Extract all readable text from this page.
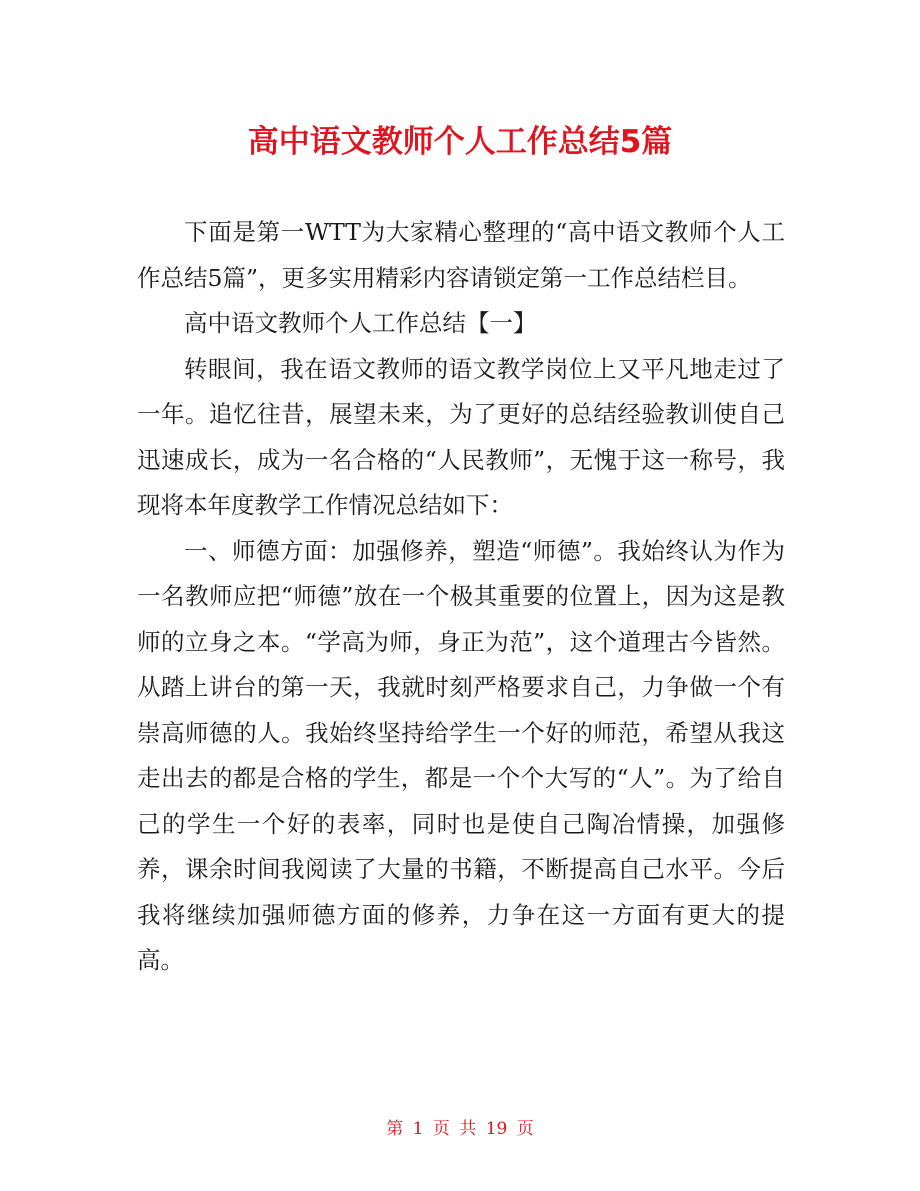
高中语文教师个人工作总结5篇

下面是第一WTT为大家精心整理的“高中语文教师个人工作总结5篇”，更多实用精彩内容请锁定第一工作总结栏目。

高中语文教师个人工作总结【一】

转眼间，我在语文教师的语文教学岗位上又平凡地走过了一年。追忆往昔，展望未来，为了更好的总结经验教训使自己迅速成长，成为一名合格的“人民教师”，无愧于这一称号，我现将本年度教学工作情况总结如下：

一、师德方面：加强修养，塑造“师德”。我始终认为作为一名教师应把“师德”放在一个极其重要的位置上，因为这是教师的立身之本。“学高为师，身正为范”，这个道理古今皆然。从踏上讲台的第一天，我就时刻严格要求自己，力争做一个有崇高师德的人。我始终坚持给学生一个好的师范，希望从我这走出去的都是合格的学生，都是一个个大写的“人”。为了给自己的学生一个好的表率，同时也是使自己陶冶情操，加强修养，课余时间我阅读了大量的书籍，不断提高自己水平。今后我将继续加强师德方面的修养，力争在这一方面有更大的提高。

第 1 页 共 19 页
